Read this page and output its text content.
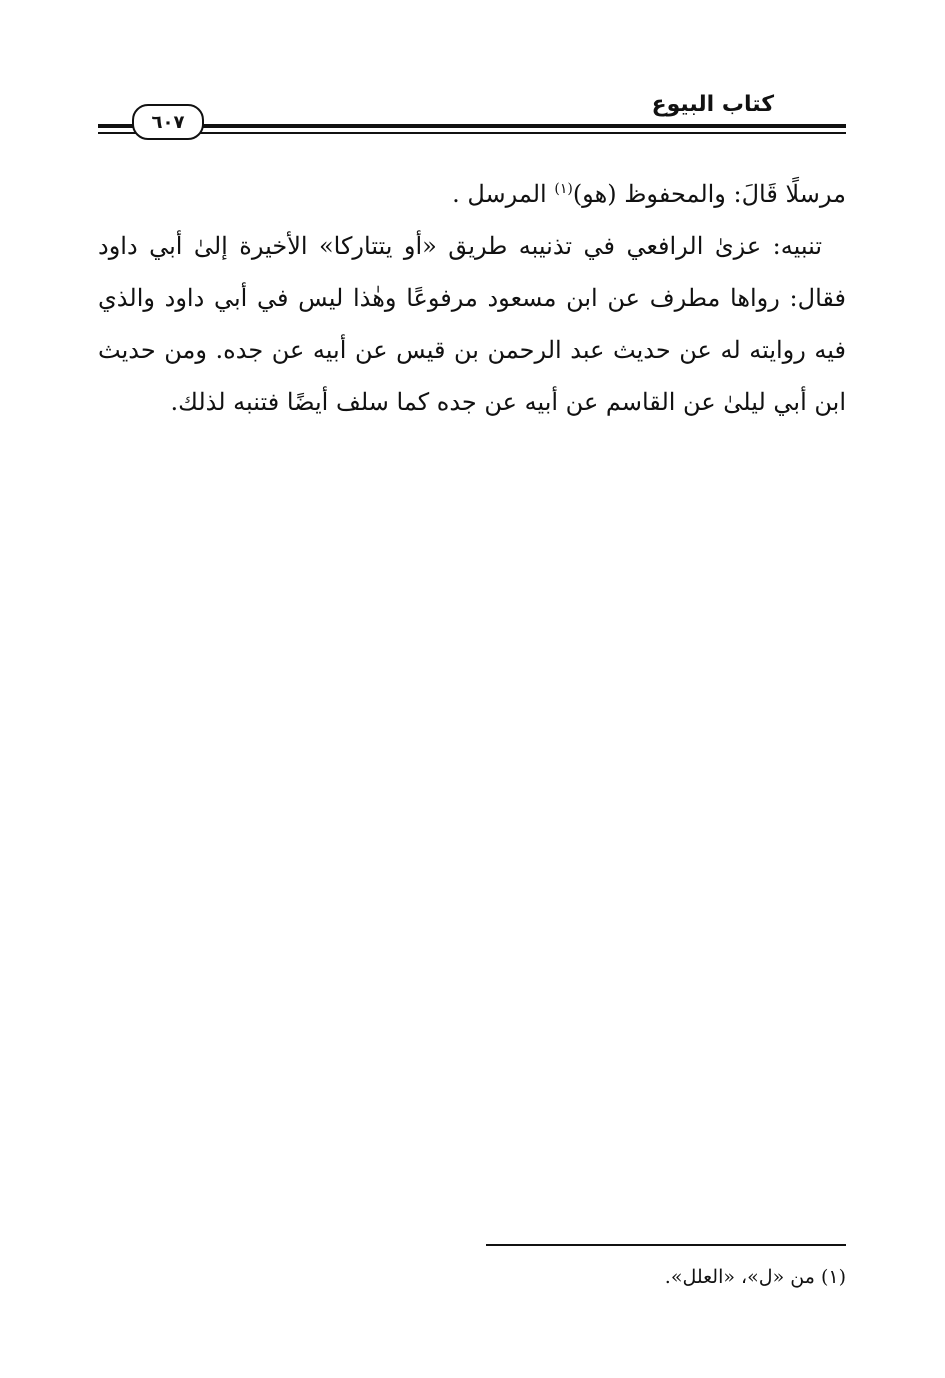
كتاب البيوع
٦٠٧

مرسلًا قَالَ: والمحفوظ (هو)$^{(١)}$ المرسل .

تنبيه: عزىٰ الرافعي في تذنيبه طريق «أو يتتاركا» الأخيرة إلىٰ أبي داود فقال: رواها مطرف عن ابن مسعود مرفوعًا وهٰذا ليس في أبي داود والذي فيه روايته له عن حديث عبد الرحمن بن قيس عن أبيه عن جده. ومن حديث ابن أبي ليلىٰ عن القاسم عن أبيه عن جده كما سلف أيضًا فتنبه لذلك.

(١) من «ل»، «العلل».
